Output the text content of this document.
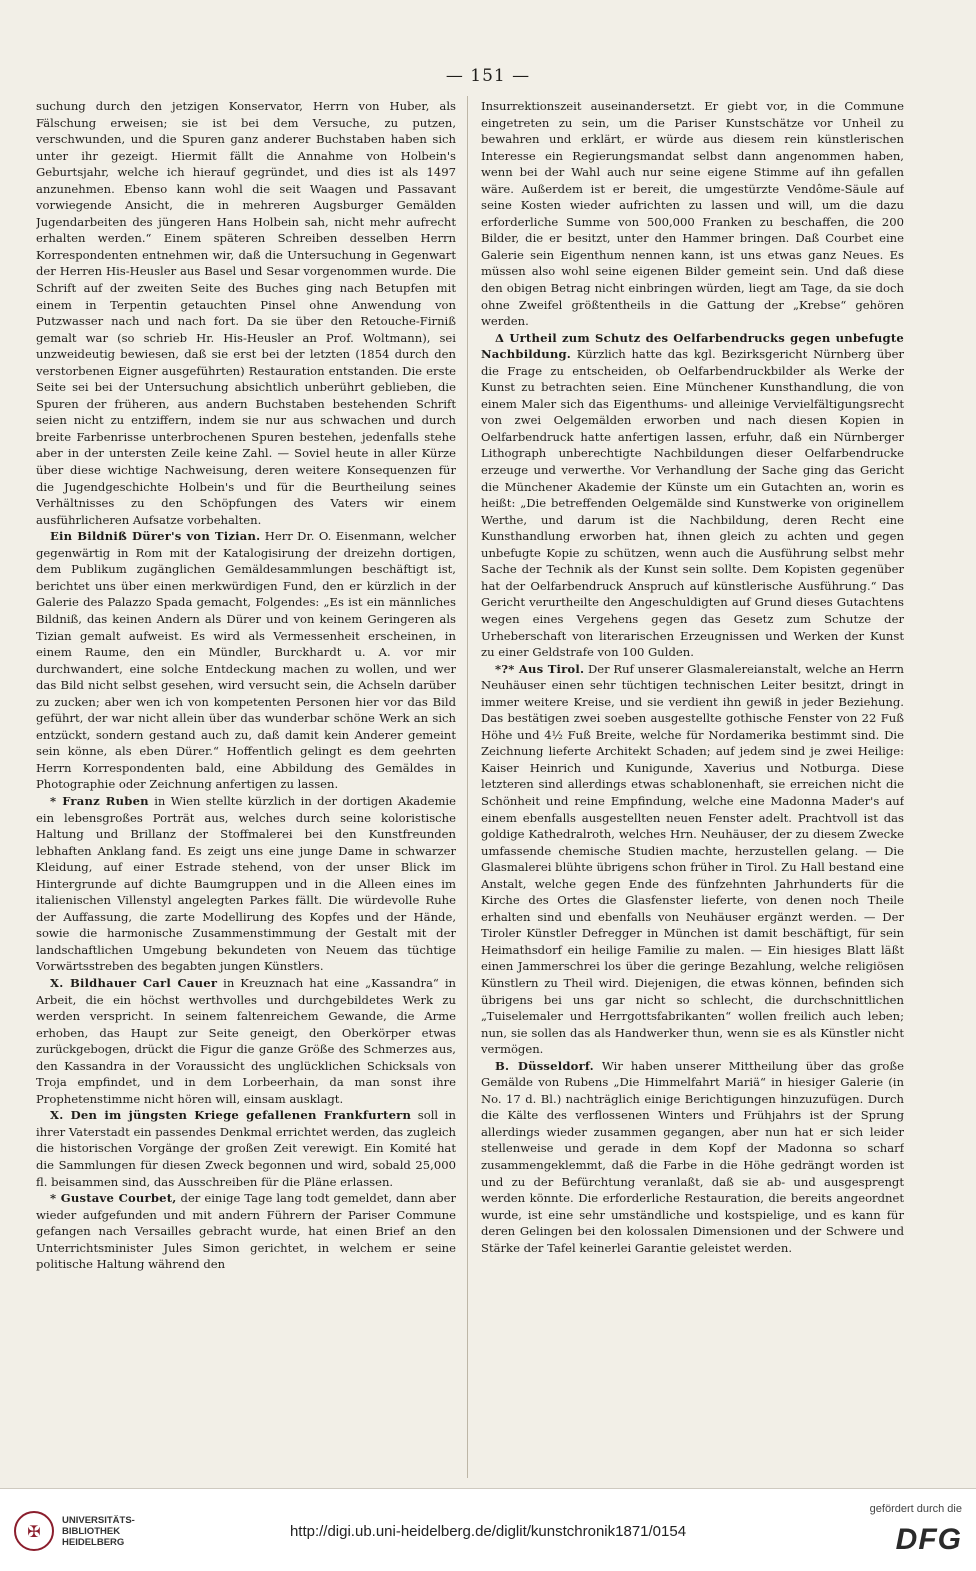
— 151 —

suchung durch den jetzigen Konservator, Herrn von Huber, als Fälschung erweisen; sie ist bei dem Versuche, zu putzen, verschwunden, und die Spuren ganz anderer Buchstaben haben sich unter ihr gezeigt. Hiermit fällt die Annahme von Holbein's Geburtsjahr, welche ich hierauf gegründet, und dies ist als 1497 anzunehmen. Ebenso kann wohl die seit Waagen und Passavant vorwiegende Ansicht, die in mehreren Augsburger Gemälden Jugendarbeiten des jüngeren Hans Holbein sah, nicht mehr aufrecht erhalten werden.“ Einem späteren Schreiben desselben Herrn Korrespondenten entnehmen wir, daß die Untersuchung in Gegenwart der Herren His-Heusler aus Basel und Sesar vorgenommen wurde. Die Schrift auf der zweiten Seite des Buches ging nach Betupfen mit einem in Terpentin getauchten Pinsel ohne Anwendung von Putzwasser nach und nach fort. Da sie über den Retouche-Firniß gemalt war (so schrieb Hr. His-Heusler an Prof. Woltmann), sei unzweideutig bewiesen, daß sie erst bei der letzten (1854 durch den verstorbenen Eigner ausgeführten) Restauration entstanden. Die erste Seite sei bei der Untersuchung absichtlich unberührt geblieben, die Spuren der früheren, aus andern Buchstaben bestehenden Schrift seien nicht zu entziffern, indem sie nur aus schwachen und durch breite Farbenrisse unterbrochenen Spuren bestehen, jedenfalls stehe aber in der untersten Zeile keine Zahl. — Soviel heute in aller Kürze über diese wichtige Nachweisung, deren weitere Konsequenzen für die Jugendgeschichte Holbein's und für die Beurtheilung seines Verhältnisses zu den Schöpfungen des Vaters wir einem ausführlicheren Aufsatze vorbehalten.

Ein Bildniß Dürer's von Tizian. Herr Dr. O. Eisenmann, welcher gegenwärtig in Rom mit der Katalogisirung der dreizehn dortigen, dem Publikum zugänglichen Gemäldesammlungen beschäftigt ist, berichtet uns über einen merkwürdigen Fund, den er kürzlich in der Galerie des Palazzo Spada gemacht, Folgendes: „Es ist ein männliches Bildniß, das keinen Andern als Dürer und von keinem Geringeren als Tizian gemalt aufweist. Es wird als Vermessenheit erscheinen, in einem Raume, den ein Mündler, Burckhardt u. A. vor mir durchwandert, eine solche Entdeckung machen zu wollen, und wer das Bild nicht selbst gesehen, wird versucht sein, die Achseln darüber zu zucken; aber wen ich von kompetenten Personen hier vor das Bild geführt, der war nicht allein über das wunderbar schöne Werk an sich entzückt, sondern gestand auch zu, daß damit kein Anderer gemeint sein könne, als eben Dürer.“ Hoffentlich gelingt es dem geehrten Herrn Korrespondenten bald, eine Abbildung des Gemäldes in Photographie oder Zeichnung anfertigen zu lassen.

* Franz Ruben in Wien stellte kürzlich in der dortigen Akademie ein lebensgroßes Porträt aus, welches durch seine koloristische Haltung und Brillanz der Stoffmalerei bei den Kunstfreunden lebhaften Anklang fand. Es zeigt uns eine junge Dame in schwarzer Kleidung, auf einer Estrade stehend, von der unser Blick im Hintergrunde auf dichte Baumgruppen und in die Alleen eines im italienischen Villenstyl angelegten Parkes fällt. Die würdevolle Ruhe der Auffassung, die zarte Modellirung des Kopfes und der Hände, sowie die harmonische Zusammenstimmung der Gestalt mit der landschaftlichen Umgebung bekundeten von Neuem das tüchtige Vorwärtsstreben des begabten jungen Künstlers.

X. Bildhauer Carl Cauer in Kreuznach hat eine „Kassandra“ in Arbeit, die ein höchst werthvolles und durchgebildetes Werk zu werden verspricht. In seinem faltenreichem Gewande, die Arme erhoben, das Haupt zur Seite geneigt, den Oberkörper etwas zurückgebogen, drückt die Figur die ganze Größe des Schmerzes aus, den Kassandra in der Voraussicht des unglücklichen Schicksals von Troja empfindet, und in dem Lorbeerhain, da man sonst ihre Prophetenstimme nicht hören will, einsam ausklagt.

X. Den im jüngsten Kriege gefallenen Frankfurtern soll in ihrer Vaterstadt ein passendes Denkmal errichtet werden, das zugleich die historischen Vorgänge der großen Zeit verewigt. Ein Komité hat die Sammlungen für diesen Zweck begonnen und wird, sobald 25,000 fl. beisammen sind, das Ausschreiben für die Pläne erlassen.

* Gustave Courbet, der einige Tage lang todt gemeldet, dann aber wieder aufgefunden und mit andern Führern der Pariser Commune gefangen nach Versailles gebracht wurde, hat einen Brief an den Unterrichtsminister Jules Simon gerichtet, in welchem er seine politische Haltung während den

Insurrektionszeit auseinandersetzt. Er giebt vor, in die Commune eingetreten zu sein, um die Pariser Kunstschätze vor Unheil zu bewahren und erklärt, er würde aus diesem rein künstlerischen Interesse ein Regierungsmandat selbst dann angenommen haben, wenn bei der Wahl auch nur seine eigene Stimme auf ihn gefallen wäre. Außerdem ist er bereit, die umgestürzte Vendôme-Säule auf seine Kosten wieder aufrichten zu lassen und will, um die dazu erforderliche Summe von 500,000 Franken zu beschaffen, die 200 Bilder, die er besitzt, unter den Hammer bringen. Daß Courbet eine Galerie sein Eigenthum nennen kann, ist uns etwas ganz Neues. Es müssen also wohl seine eigenen Bilder gemeint sein. Und daß diese den obigen Betrag nicht einbringen würden, liegt am Tage, da sie doch ohne Zweifel größtentheils in die Gattung der „Krebse“ gehören werden.

Δ Urtheil zum Schutz des Oelfarbendrucks gegen unbefugte Nachbildung. Kürzlich hatte das kgl. Bezirksgericht Nürnberg über die Frage zu entscheiden, ob Oelfarbendruckbilder als Werke der Kunst zu betrachten seien. Eine Münchener Kunsthandlung, die von einem Maler sich das Eigenthums- und alleinige Vervielfältigungsrecht von zwei Oelgemälden erworben und nach diesen Kopien in Oelfarbendruck hatte anfertigen lassen, erfuhr, daß ein Nürnberger Lithograph unberechtigte Nachbildungen dieser Oelfarbendrucke erzeuge und verwerthe. Vor Verhandlung der Sache ging das Gericht die Münchener Akademie der Künste um ein Gutachten an, worin es heißt: „Die betreffenden Oelgemälde sind Kunstwerke von originellem Werthe, und darum ist die Nachbildung, deren Recht eine Kunsthandlung erworben hat, ihnen gleich zu achten und gegen unbefugte Kopie zu schützen, wenn auch die Ausführung selbst mehr Sache der Technik als der Kunst sein sollte. Dem Kopisten gegenüber hat der Oelfarbendruck Anspruch auf künstlerische Ausführung.“ Das Gericht verurtheilte den Angeschuldigten auf Grund dieses Gutachtens wegen eines Vergehens gegen das Gesetz zum Schutze der Urheberschaft von literarischen Erzeugnissen und Werken der Kunst zu einer Geldstrafe von 100 Gulden.

*?* Aus Tirol. Der Ruf unserer Glasmalereianstalt, welche an Herrn Neuhäuser einen sehr tüchtigen technischen Leiter besitzt, dringt in immer weitere Kreise, und sie verdient ihn gewiß in jeder Beziehung. Das bestätigen zwei soeben ausgestellte gothische Fenster von 22 Fuß Höhe und 4½ Fuß Breite, welche für Nordamerika bestimmt sind. Die Zeichnung lieferte Architekt Schaden; auf jedem sind je zwei Heilige: Kaiser Heinrich und Kunigunde, Xaverius und Notburga. Diese letzteren sind allerdings etwas schablonenhaft, sie erreichen nicht die Schönheit und reine Empfindung, welche eine Madonna Mader's auf einem ebenfalls ausgestellten neuen Fenster adelt. Prachtvoll ist das goldige Kathedralroth, welches Hrn. Neuhäuser, der zu diesem Zwecke umfassende chemische Studien machte, herzustellen gelang. — Die Glasmalerei blühte übrigens schon früher in Tirol. Zu Hall bestand eine Anstalt, welche gegen Ende des fünfzehnten Jahrhunderts für die Kirche des Ortes die Glasfenster lieferte, von denen noch Theile erhalten sind und ebenfalls von Neuhäuser ergänzt werden. — Der Tiroler Künstler Defregger in München ist damit beschäftigt, für sein Heimathsdorf ein heilige Familie zu malen. — Ein hiesiges Blatt läßt einen Jammerschrei los über die geringe Bezahlung, welche religiösen Künstlern zu Theil wird. Diejenigen, die etwas können, befinden sich übrigens bei uns gar nicht so schlecht, die durchschnittlichen „Tuiselemaler und Herrgottsfabrikanten“ wollen freilich auch leben; nun, sie sollen das als Handwerker thun, wenn sie es als Künstler nicht vermögen.

B. Düsseldorf. Wir haben unserer Mittheilung über das große Gemälde von Rubens „Die Himmelfahrt Mariä“ in hiesiger Galerie (in No. 17 d. Bl.) nachträglich einige Berichtigungen hinzuzufügen. Durch die Kälte des verflossenen Winters und Frühjahrs ist der Sprung allerdings wieder zusammen gegangen, aber nun hat er sich leider stellenweise und gerade in dem Kopf der Madonna so scharf zusammengeklemmt, daß die Farbe in die Höhe gedrängt worden ist und zu der Befürchtung veranlaßt, daß sie ab- und ausgesprengt werden könnte. Die erforderliche Restauration, die bereits angeordnet wurde, ist eine sehr umständliche und kostspielige, und es kann für deren Gelingen bei den kolossalen Dimensionen und der Schwere und Stärke der Tafel keinerlei Garantie geleistet werden.

✠
UNIVERSITÄTS-
BIBLIOTHEK
HEIDELBERG
http://digi.ub.uni-heidelberg.de/diglit/kunstchronik1871/0154
gefördert durch die
DFG
